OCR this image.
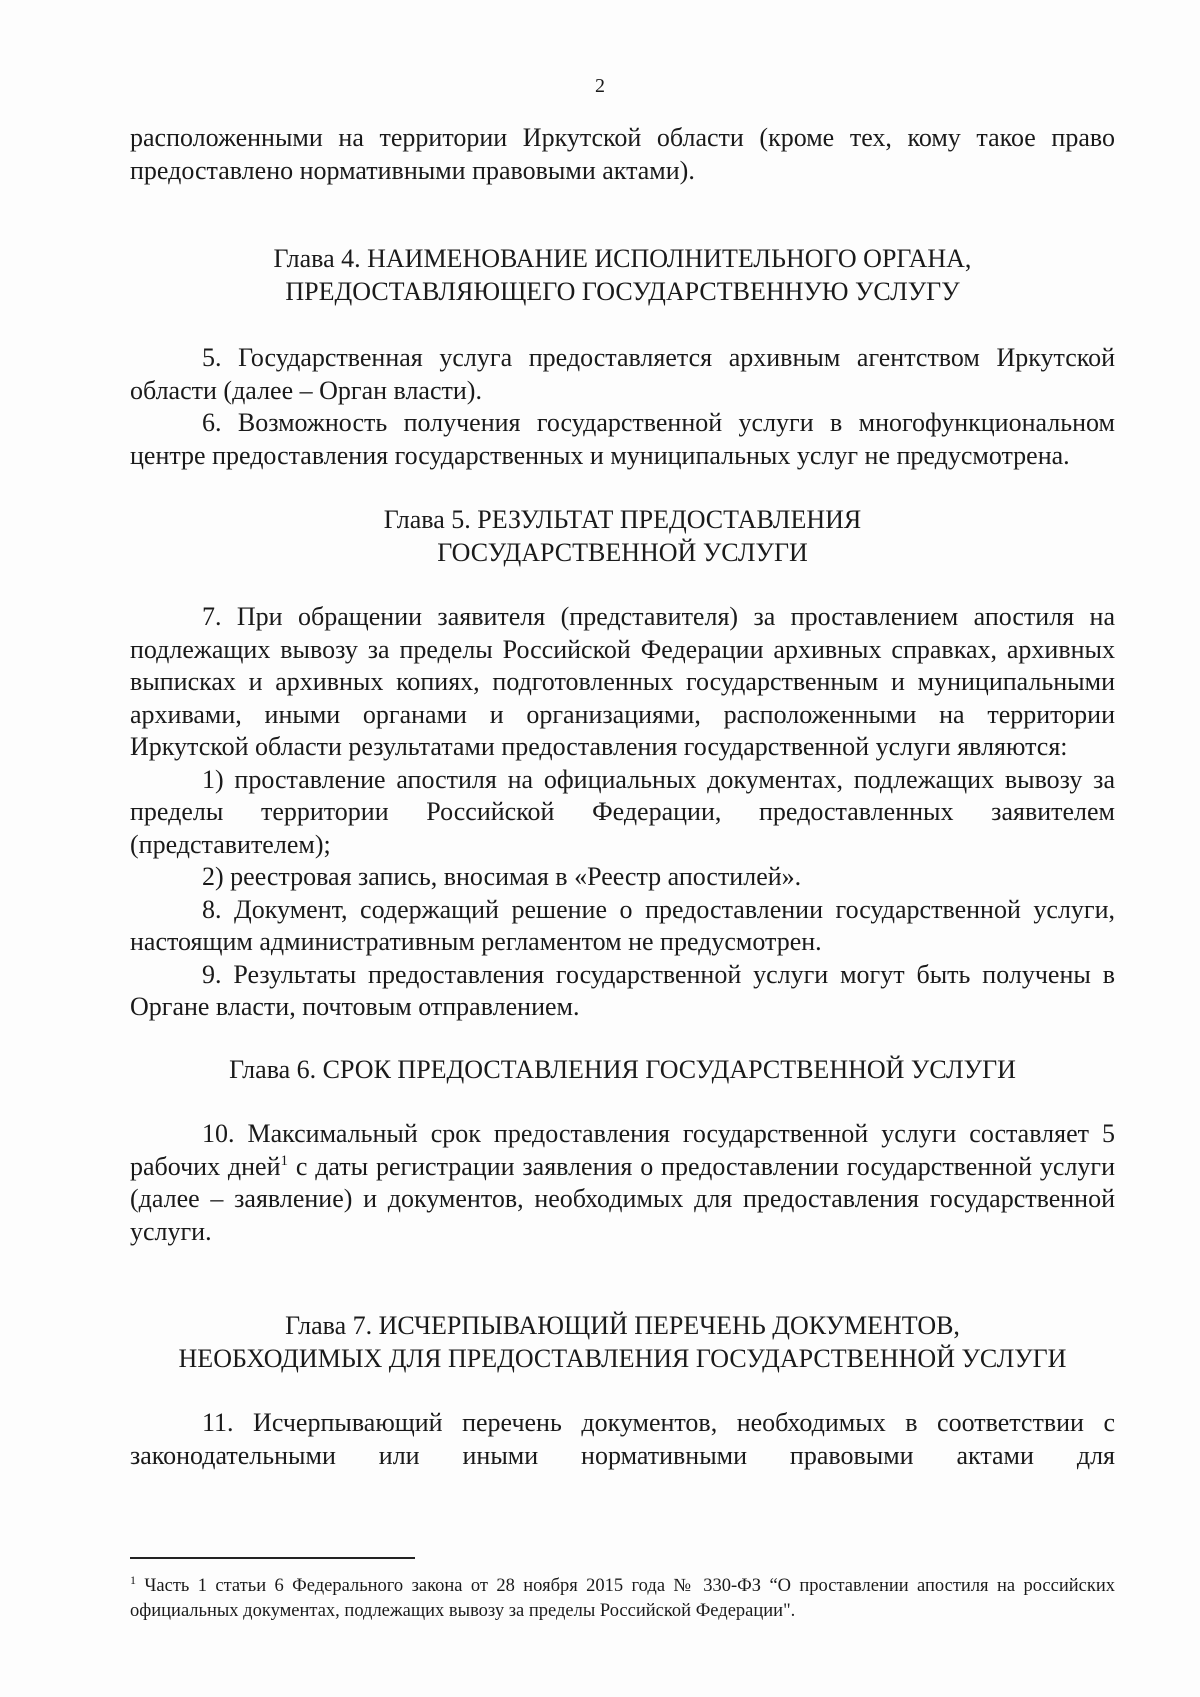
2

расположенными на территории Иркутской области (кроме тех, кому такое право предоставлено нормативными правовыми актами).

Глава 4. НАИМЕНОВАНИЕ ИСПОЛНИТЕЛЬНОГО ОРГАНА,
ПРЕДОСТАВЛЯЮЩЕГО ГОСУДАРСТВЕННУЮ УСЛУГУ

5. Государственная услуга предоставляется архивным агентством Иркутской области (далее – Орган власти).

6. Возможность получения государственной услуги в многофункциональном центре предоставления государственных и муниципальных услуг не предусмотрена.

Глава 5. РЕЗУЛЬТАТ ПРЕДОСТАВЛЕНИЯ
ГОСУДАРСТВЕННОЙ УСЛУГИ

7. При обращении заявителя (представителя) за проставлением апостиля на подлежащих вывозу за пределы Российской Федерации архивных справках, архивных выписках и архивных копиях, подготовленных государственным и муниципальными архивами, иными органами и организациями, расположенными на территории Иркутской области результатами предоставления государственной услуги являются:

1) проставление апостиля на официальных документах, подлежащих вывозу за пределы территории Российской Федерации, предоставленных заявителем (представителем);

2) реестровая запись, вносимая в «Реестр апостилей».

8. Документ, содержащий решение о предоставлении государственной услуги, настоящим административным регламентом не предусмотрен.

9. Результаты предоставления государственной услуги могут быть получены в Органе власти, почтовым отправлением.

Глава 6. СРОК ПРЕДОСТАВЛЕНИЯ ГОСУДАРСТВЕННОЙ УСЛУГИ

10. Максимальный срок предоставления государственной услуги составляет 5 рабочих дней$^1$ с даты регистрации заявления о предоставлении государственной услуги (далее – заявление) и документов, необходимых для предоставления государственной услуги.

Глава 7. ИСЧЕРПЫВАЮЩИЙ ПЕРЕЧЕНЬ ДОКУМЕНТОВ,
НЕОБХОДИМЫХ ДЛЯ ПРЕДОСТАВЛЕНИЯ ГОСУДАРСТВЕННОЙ УСЛУГИ

11. Исчерпывающий перечень документов, необходимых в соответствии с законодательными или иными нормативными правовыми актами для

$^1$ Часть 1 статьи 6 Федерального закона от 28 ноября 2015 года № 330-ФЗ “О проставлении апостиля на российских официальных документах, подлежащих вывозу за пределы Российской Федерации".
